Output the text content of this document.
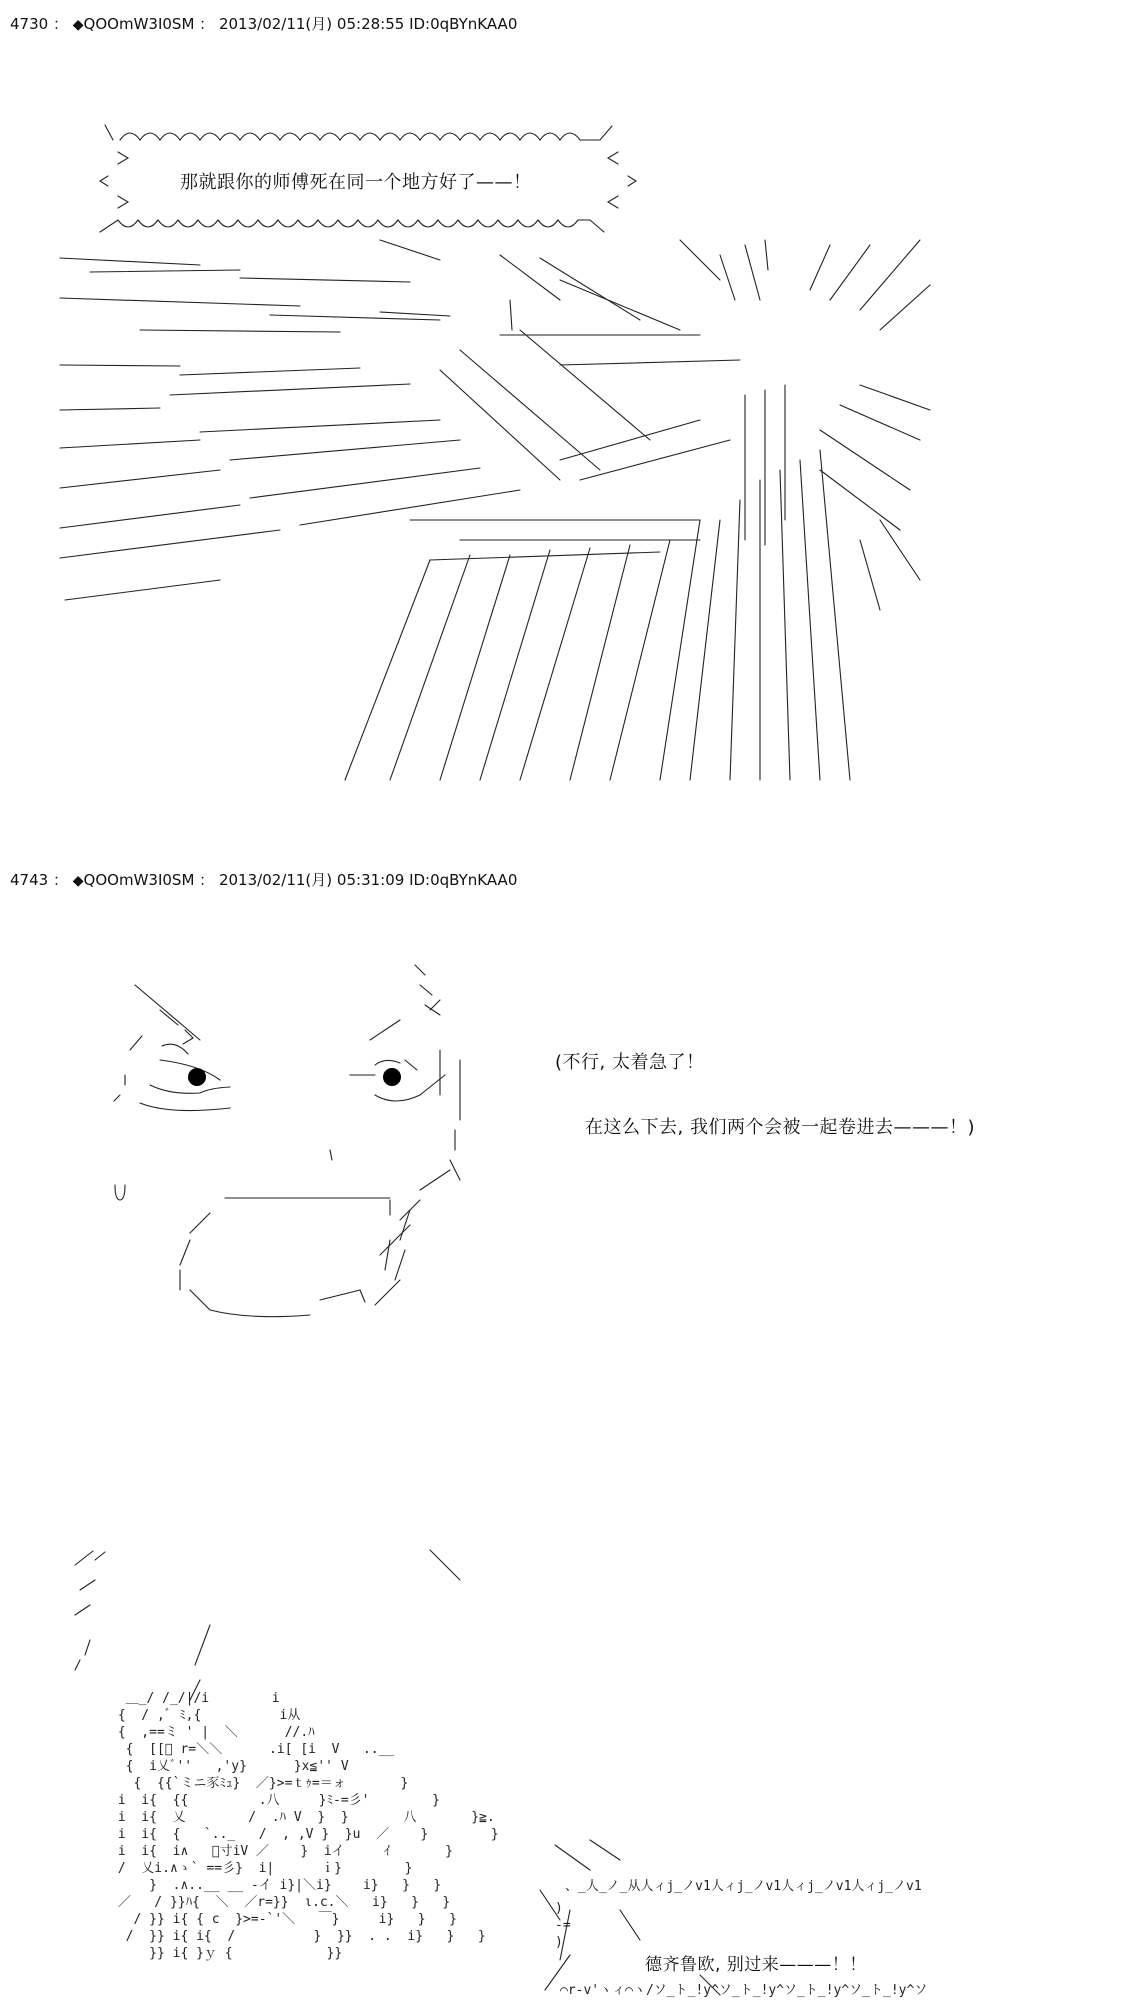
4730 ： ◆QOOmW3I0SM ： 2013/02/11(月) 05:28:55 ID:0qBYnKAA0
那就跟你的师傅死在同一个地方好了——！
4743 ： ◆QOOmW3I0SM ： 2013/02/11(月) 05:31:09 ID:0qBYnKAA0
(不行, 太着急了！
在这么下去, 我们两个会被一起卷进去———！)
＿_/ /_/|/i        i
{  / ,ﾞ ﾐ,{          i从
{  ,==ミ ' |  ＼      //.ﾊ
{  [[ﾞ r=＼＼      .i[ [i  V   ..__
{  i乂ﾞ''   ,'y}      }x≦'' V
{  {{`ミニ豕ﾐｭ}  ／}>=ｔｩ=＝ォ       }
i  i{  {{         .八     }ﾐ-=彡'        }
i  i{  乂        /  .ﾊ V  }  }       八       }≧.
i  i{  {   `.._   /  , ,V }  }u  ／    }        }
i  i{  i∧   ゙寸iV ／    }  iイ     ｲ       }
/  乂i.∧ゝ` ==彡}  i|      ｉ}        }
}  .∧..__ __ -イ i}|＼i}    i}   }   }
／   / }}ﾊ{  ＼  ／r=}}  ι.c.＼   i}   }   }
/ }} i{ { c  }>=‐`'＼   ￣}     i}   }   }
/  }} i{ i{  /          }  }}  . .  i}   }   }
}} i{ }ｙ {            }}
、_人_ノ_从人ィj_ノv1人ィj_ノv1人ィj_ノv1人ィj_ノv1
)
-=
)
德齐鲁欧, 别过来———！！
⌒r‐v'ヽィ⌒ヽ/ソ_ト_!y^ソ_ト_!y^ソ_ト_!y^ソ_ト_!y^ソ
